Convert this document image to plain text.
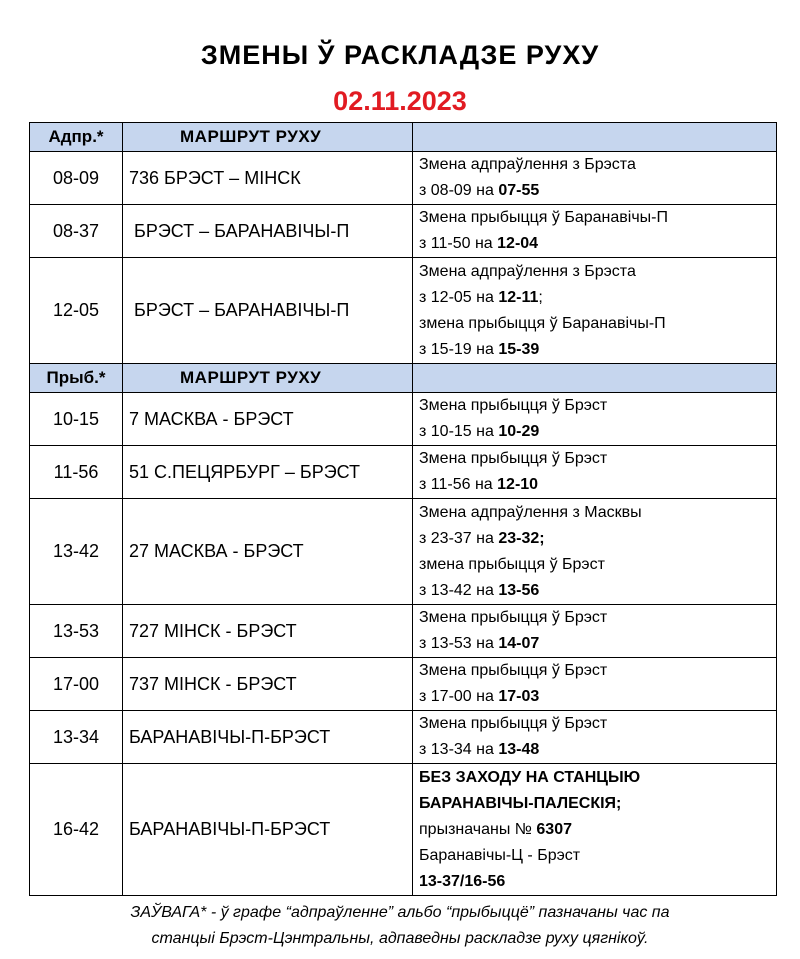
ЗМЕНЫ Ў РАСКЛАДЗЕ РУХУ
02.11.2023
Адпр.*	МАРШРУТ РУХУ	
08-09	736 БРЭСТ – МІНСК	Змена адпраўлення з Брэста
з 08-09 на 07-55

08-37	БРЭСТ – БАРАНАВІЧЫ-П	Змена прыбыцця ў Баранавічы-П
з 11-50 на 12-04

12-05	БРЭСТ – БАРАНАВІЧЫ-П	Змена адпраўлення з Брэста
з 12-05 на 12-11;
змена прыбыцця ў Баранавічы-П
з 15-19 на 15-39

Прыб.*	МАРШРУТ РУХУ	
10-15	7 МАСКВА - БРЭСТ	Змена прыбыцця ў Брэст
з 10-15 на 10-29

11-56	51 С.ПЕЦЯРБУРГ – БРЭСТ	Змена прыбыцця ў Брэст
з 11-56 на 12-10

13-42	27 МАСКВА - БРЭСТ	Змена адпраўлення з Масквы
з 23-37 на 23-32;
змена прыбыцця ў Брэст
з 13-42 на 13-56

13-53	727 МІНСК - БРЭСТ	Змена прыбыцця ў Брэст
з 13-53 на 14-07

17-00	737 МІНСК - БРЭСТ	Змена прыбыцця ў Брэст
з 17-00 на 17-03

13-34	БАРАНАВІЧЫ-П-БРЭСТ	Змена прыбыцця ў Брэст
з 13-34 на 13-48

16-42	БАРАНАВІЧЫ-П-БРЭСТ	БЕЗ ЗАХОДУ НА СТАНЦЫЮ
БАРАНАВІЧЫ-ПАЛЕСКІЯ;
прызначаны № 6307
Баранавічы-Ц - Брэст
13-37/16-56
ЗАЎВАГА* - ў графе “адпраўленне” альбо “прыбыццё” пазначаны час па
станцыі Брэст-Цэнтральны, адпаведны раскладзе руху цягнікоў.
